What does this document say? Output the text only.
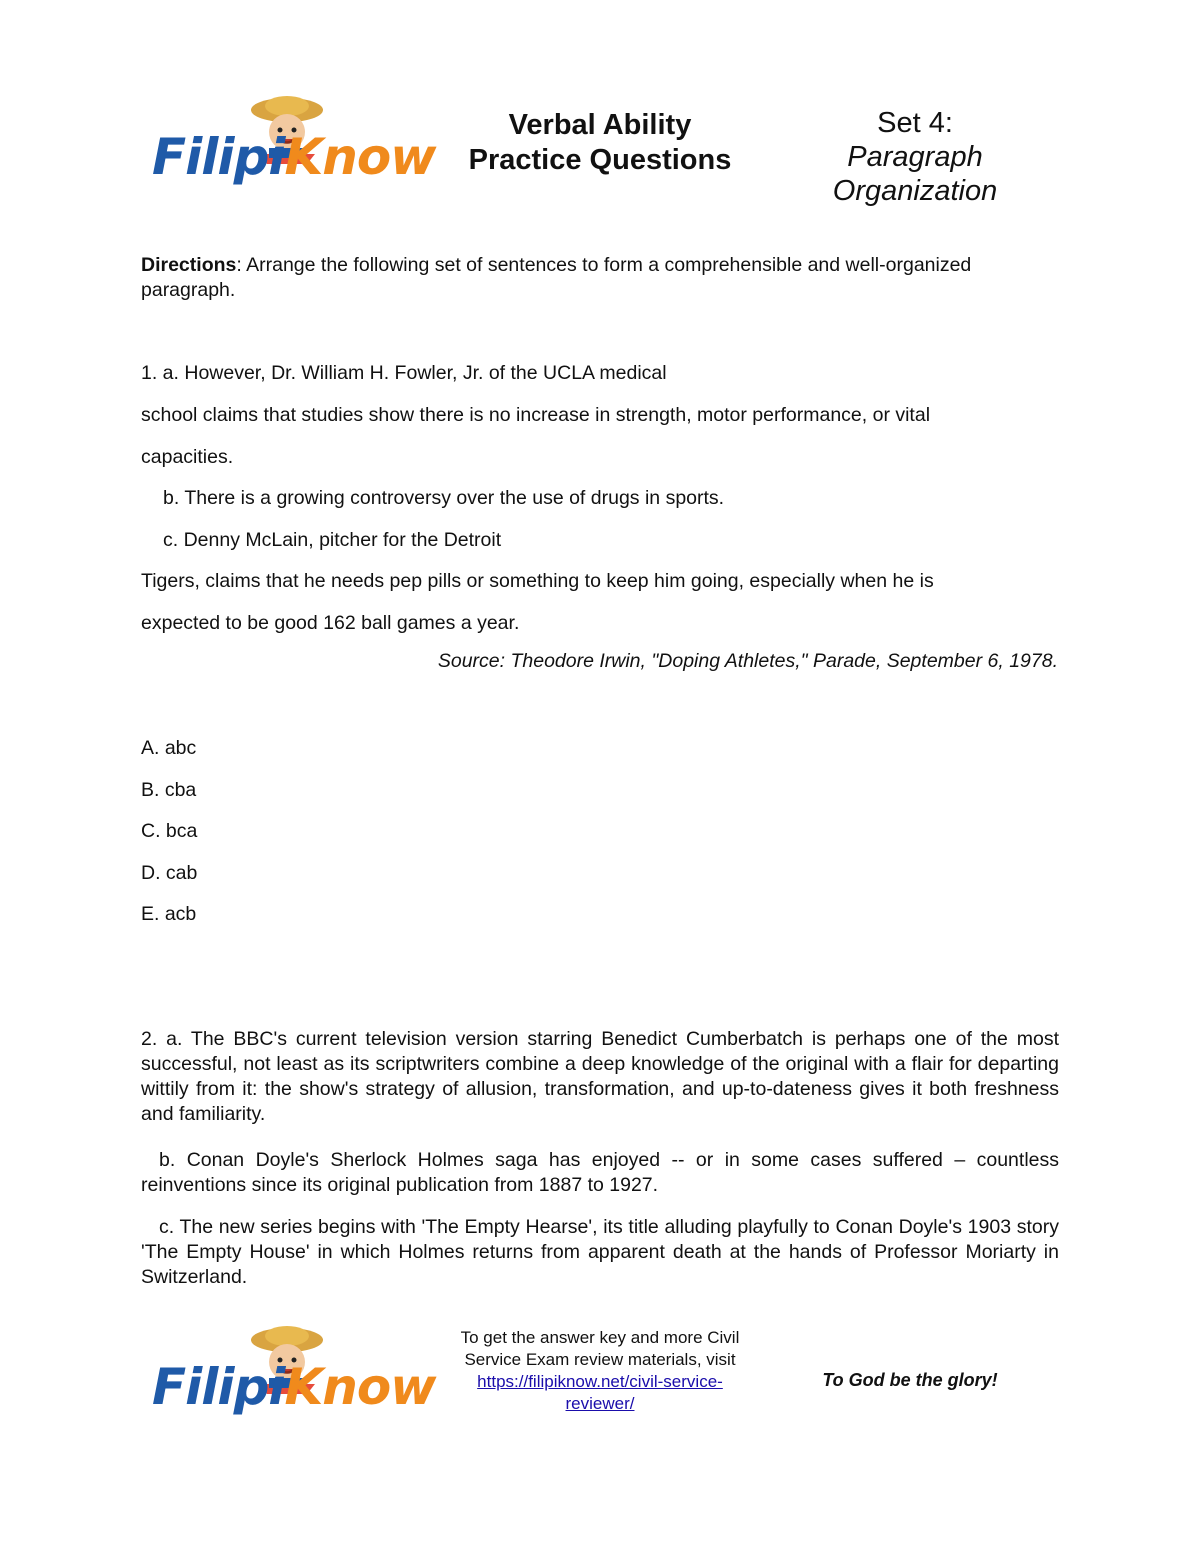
FilipiKnow
Verbal Ability
Practice Questions
Set 4:
Paragraph
Organization
Directions: Arrange the following set of sentences to form a comprehensible and well-organized paragraph.
1. a. However, Dr. William H. Fowler, Jr. of the UCLA medical
school claims that studies show there is no increase in strength, motor performance, or vital
capacities.
b. There is a growing controversy over the use of drugs in sports.
c. Denny McLain, pitcher for the Detroit
Tigers, claims that he needs pep pills or something to keep him going, especially when he is
expected to be good 162 ball games a year.
Source: Theodore Irwin, "Doping Athletes," Parade, September 6, 1978.
A. abc
B. cba
C. bca
D. cab
E. acb
2. a. The BBC's current television version starring Benedict Cumberbatch is perhaps one of the most successful, not least as its scriptwriters combine a deep knowledge of the original with a flair for departing wittily from it: the show's strategy of allusion, transformation, and up-to-dateness gives it both freshness and familiarity.
b. Conan Doyle's Sherlock Holmes saga has enjoyed -- or in some cases suffered – countless reinventions since its original publication from 1887 to 1927.
c. The new series begins with 'The Empty Hearse', its title alluding playfully to Conan Doyle's 1903 story 'The Empty House' in which Holmes returns from apparent death at the hands of Professor Moriarty in Switzerland.
FilipiKnow
To get the answer key and more Civil Service Exam review materials, visit
https://filipiknow.net/civil-service-reviewer/
To God be the glory!
